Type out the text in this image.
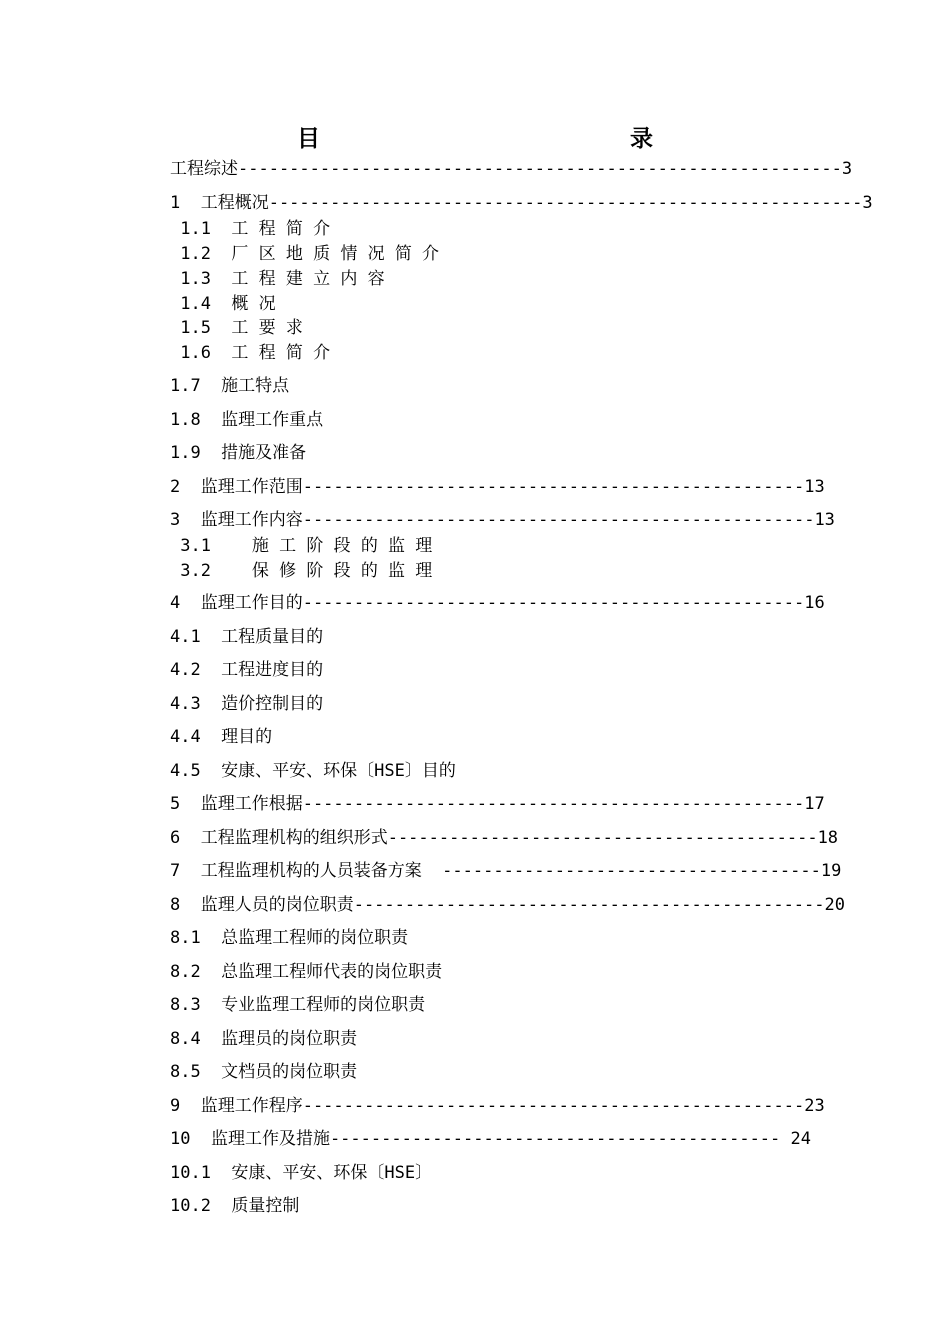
目　　录
工程综述-----------------------------------------------------------3
1  工程概况----------------------------------------------------------3
1.1  工 程 简 介
1.2  厂 区 地 质 情 况 简 介
1.3  工 程 建 立 内 容
1.4  概 况
1.5  工 要 求
1.6  工 程 简 介
1.7  施工特点
1.8  监理工作重点
1.9  措施及准备
2  监理工作范围-------------------------------------------------13
3  监理工作内容--------------------------------------------------13
3.1    施 工 阶 段 的 监 理
3.2    保 修 阶 段 的 监 理
4  监理工作目的-------------------------------------------------16
4.1  工程质量目的
4.2  工程进度目的
4.3  造价控制目的
4.4  理目的
4.5  安康、平安、环保〔HSE〕目的
5  监理工作根据-------------------------------------------------17
6  工程监理机构的组织形式------------------------------------------18
7  工程监理机构的人员装备方案  -------------------------------------19
8  监理人员的岗位职责----------------------------------------------20
8.1  总监理工程师的岗位职责
8.2  总监理工程师代表的岗位职责
8.3  专业监理工程师的岗位职责
8.4  监理员的岗位职责
8.5  文档员的岗位职责
9  监理工作程序-------------------------------------------------23
10  监理工作及措施-------------------------------------------- 24
10.1  安康、平安、环保〔HSE〕
10.2  质量控制
